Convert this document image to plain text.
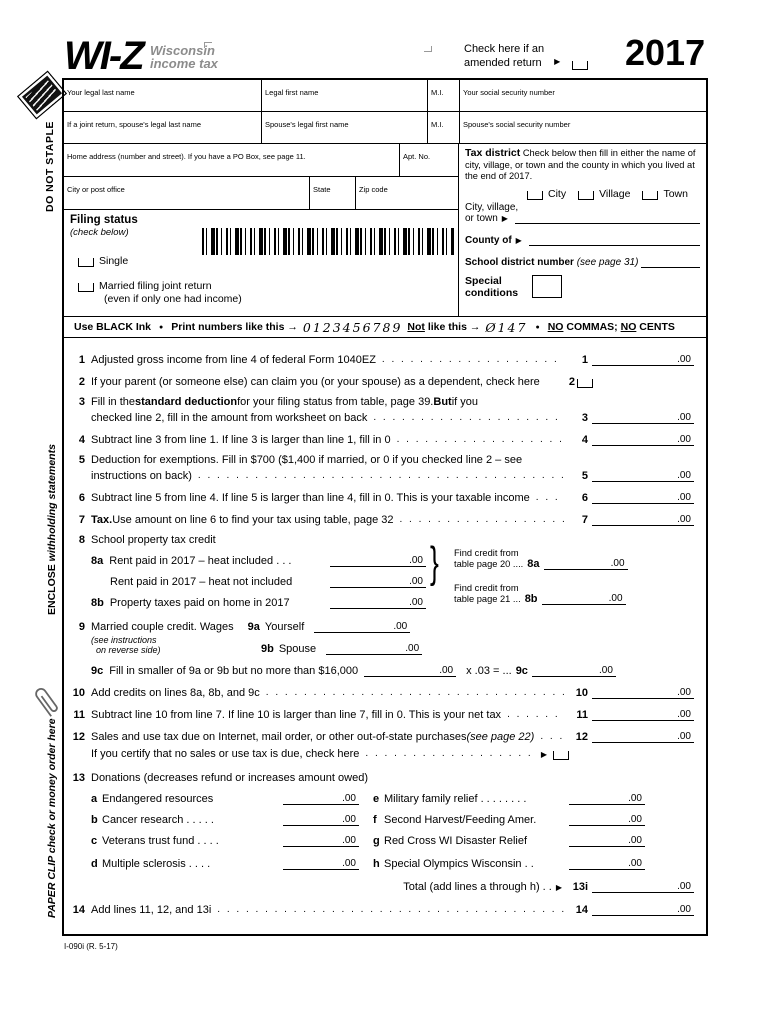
WI-Z Wisconsin
income tax
Check here if an
amended return	▶ 2017
DO NOT STAPLE
ENCLOSE withholding statements
PAPER CLIP check or money order here
Your legal last name	Legal first name	M.I.	Your social security number
If a joint return, spouse's legal last name	Spouse's legal first name	M.I.	Spouse's social security number
Home address (number and street). If you have a PO Box, see page 11.	Apt. No.
City or post office	State	Zip code
Tax district Check below then fill in either the name of city, village, or town and the county in which you lived at the end of 2017.
City	Village	Town
City, village,
or town ▶
County of ▶
School district number
(see page 31)
Special
conditions
Filing status
(check below)
Single
Married filing joint return
(even if only one had income)
Use BLACK Ink ● Print numbers like this → 0123456789 Not like this → Ø147 ● NO COMMAS; NO CENTS
1 Adjusted gross income from line 4 of federal Form 1040EZ . . .	1	.00
2 If your parent (or someone else) can claim you (or your spouse) as a dependent, check here	2
3 Fill in the standard deduction for your filing status from table, page 39. But if you
checked line 2, fill in the amount from worksheet on back . . .	3	.00
4 Subtract line 3 from line 1. If line 3 is larger than line 1, fill in 0 . . .	4	.00
5 Deduction for exemptions. Fill in $700 ($1,400 if married, or 0 if you checked line 2 – see
instructions on back) . . .	5	.00
6 Subtract line 5 from line 4. If line 5 is larger than line 4, fill in 0. This is your taxable income . . .	6	.00
7 Tax. Use amount on line 6 to find your tax using table, page 32 . . .	7	.00
8 School property tax credit
8a Rent paid in 2017 – heat included . . .	.00
Rent paid in 2017 – heat not included	.00
8b Property taxes paid on home in 2017	.00
} Find credit from
table page 20 .... 8a	.00
Find credit from
table page 21 ... 8b	.00
9 Married couple credit. Wages 9a Yourself	.00
(see instructions
on reverse side)	9b Spouse	.00
9c Fill in smaller of 9a or 9b but no more than $16,000	.00 x .03 = ... 9c	.00
10 Add credits on lines 8a, 8b, and 9c . . .	10	.00
11 Subtract line 10 from line 7. If line 10 is larger than line 7, fill in 0. This is your net tax . . .	11	.00
12 Sales and use tax due on Internet, mail order, or other out-of-state purchases (see page 22) . . .	12	.00
If you certify that no sales or use tax is due, check here . . .	▶
13 Donations (decreases refund or increases amount owed)
a Endangered resources	.00 e Military family relief . . . . . . . .	.00
b Cancer research . . . . .	.00 f Second Harvest/Feeding Amer.	.00
c Veterans trust fund . . . .	.00 g Red Cross WI Disaster Relief	.00
d Multiple sclerosis . . . .	.00 h Special Olympics Wisconsin . .	.00
Total (add lines a through h) . . ▶ 13i	.00
14 Add lines 11, 12, and 13i . . .	14	.00
I-090i (R. 5-17)
